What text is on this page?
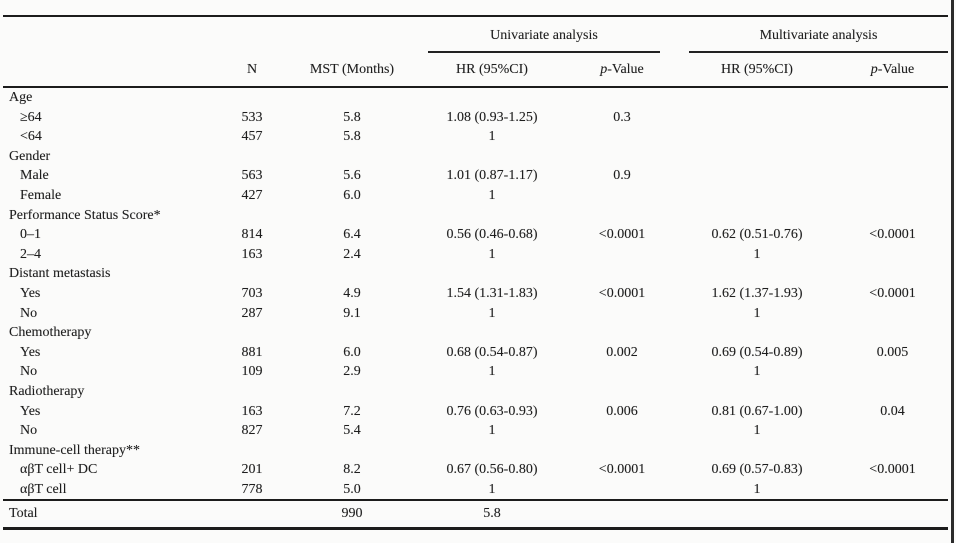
			Univariate analysis		Multivariate analysis	

	N	MST (Months)	HR (95%CI)	p-Value	HR (95%CI)	p-Value
Age						
≥64	533	5.8	1.08 (0.93-1.25)	0.3		
<64	457	5.8	1			
Gender						
Male	563	5.6	1.01 (0.87-1.17)	0.9		
Female	427	6.0	1			
Performance Status Score*						
0–1	814	6.4	0.56 (0.46-0.68)	<0.0001	0.62 (0.51-0.76)	<0.0001
2–4	163	2.4	1		1	
Distant metastasis						
Yes	703	4.9	1.54 (1.31-1.83)	<0.0001	1.62 (1.37-1.93)	<0.0001
No	287	9.1	1		1	
Chemotherapy						
Yes	881	6.0	0.68 (0.54-0.87)	0.002	0.69 (0.54-0.89)	0.005
No	109	2.9	1		1	
Radiotherapy						
Yes	163	7.2	0.76 (0.63-0.93)	0.006	0.81 (0.67-1.00)	0.04
No	827	5.4	1		1	
Immune-cell therapy**						
αβT cell+ DC	201	8.2	0.67 (0.56-0.80)	<0.0001	0.69 (0.57-0.83)	<0.0001
αβT cell	778	5.0	1		1	
Total		990	5.8			
